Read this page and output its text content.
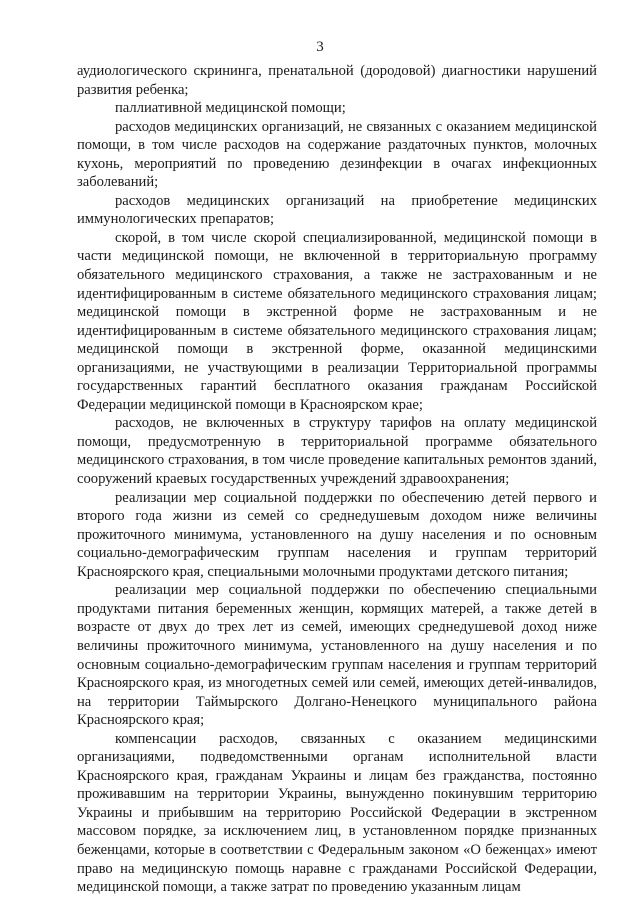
3

аудиологического скрининга, пренатальной (дородовой) диагностики нарушений развития ребенка;

паллиативной медицинской помощи;

расходов медицинских организаций, не связанных с оказанием медицинской помощи, в том числе расходов на содержание раздаточных пунктов, молочных кухонь, мероприятий по проведению дезинфекции в очагах инфекционных заболеваний;

расходов медицинских организаций на приобретение медицинских иммунологических препаратов;

скорой, в том числе скорой специализированной, медицинской помощи в части медицинской помощи, не включенной в территориальную программу обязательного медицинского страхования, а также не застрахованным и не идентифицированным в системе обязательного медицинского страхования лицам; медицинской помощи в экстренной форме не застрахованным и не идентифицированным в системе обязательного медицинского страхования лицам; медицинской помощи в экстренной форме, оказанной медицинскими организациями, не участвующими в реализации Территориальной программы государственных гарантий бесплатного оказания гражданам Российской Федерации медицинской помощи в Красноярском крае;

расходов, не включенных в структуру тарифов на оплату медицинской помощи, предусмотренную в территориальной программе обязательного медицинского страхования, в том числе проведение капитальных ремонтов зданий, сооружений краевых государственных учреждений здравоохранения;

реализации мер социальной поддержки по обеспечению детей первого и второго года жизни из семей со среднедушевым доходом ниже величины прожиточного минимума, установленного на душу населения и по основным социально-демографическим группам населения и группам территорий Красноярского края, специальными молочными продуктами детского питания;

реализации мер социальной поддержки по обеспечению специальными продуктами питания беременных женщин, кормящих матерей, а также детей в возрасте от двух до трех лет из семей, имеющих среднедушевой доход ниже величины прожиточного минимума, установленного на душу населения и по основным социально-демографическим группам населения и группам территорий Красноярского края, из многодетных семей или семей, имеющих детей-инвалидов, на территории Таймырского Долгано-Ненецкого муниципального района Красноярского края;

компенсации расходов, связанных с оказанием медицинскими организациями, подведомственными органам исполнительной власти Красноярского края, гражданам Украины и лицам без гражданства, постоянно проживавшим на территории Украины, вынужденно покинувшим территорию Украины и прибывшим на территорию Российской Федерации в экстренном массовом порядке, за исключением лиц, в установленном порядке признанных беженцами, которые в соответствии с Федеральным законом «О беженцах» имеют право на медицинскую помощь наравне с гражданами Российской Федерации, медицинской помощи, а также затрат по проведению указанным лицам
